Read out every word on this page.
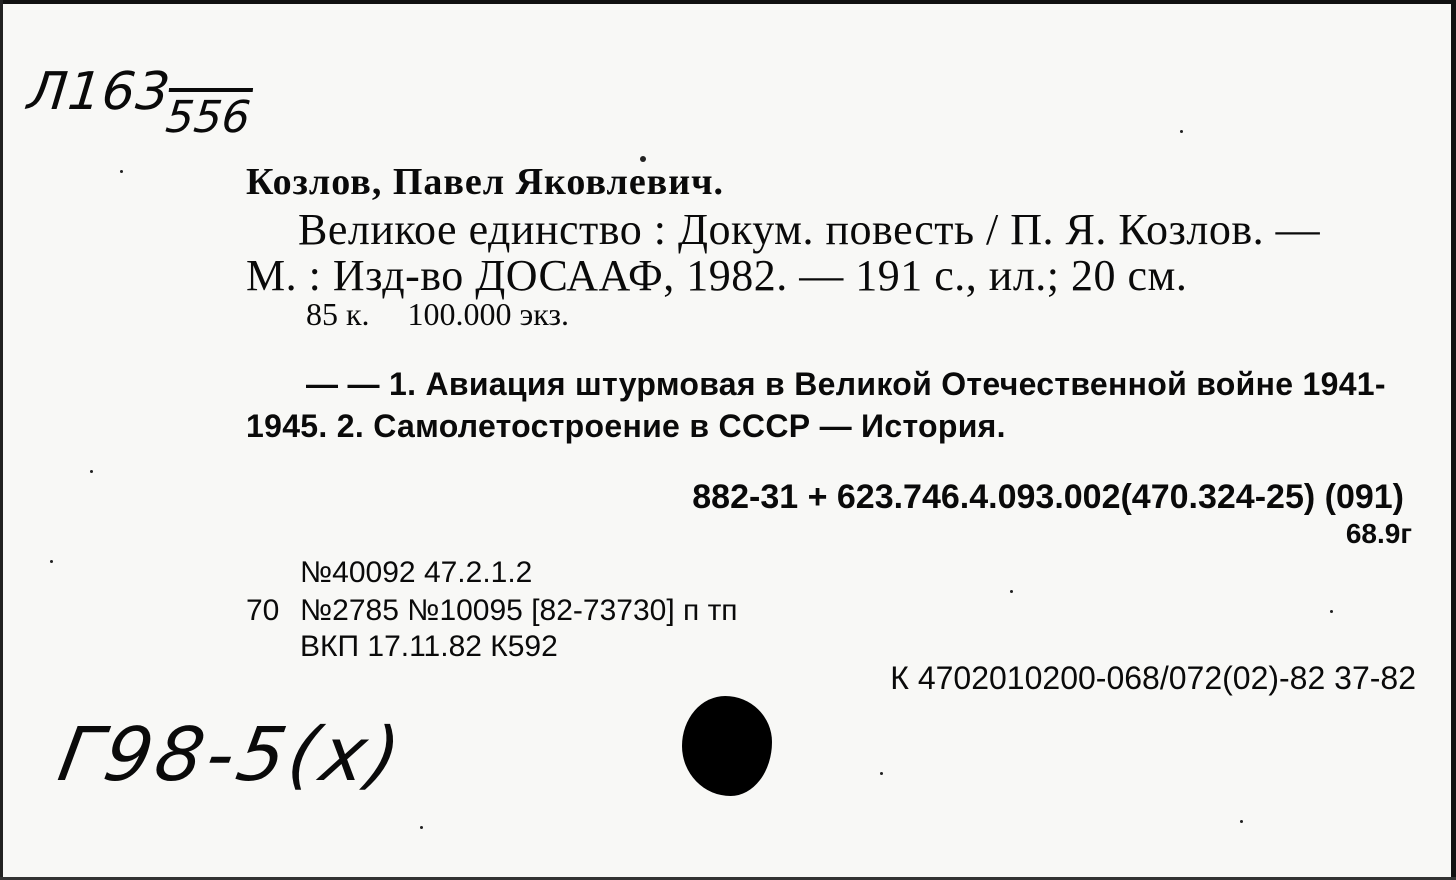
Л163
556
Козлов, Павел Яковлевич.
Великое единство : Докум. повесть / П. Я. Козлов. —
М. : Изд-во ДОСААФ, 1982. — 191 с., ил.; 20 см.
85 к. 100.000 экз.
— — 1. Авиация штурмовая в Великой Отечественной войне 1941-
1945. 2. Самолетостроение в СССР — История.
882-31 + 623.746.4.093.002(470.324-25) (091)
68.9г
№40092 47.2.1.2
70 №2785 №10095 [82-73730] п тп
ВКП 17.11.82 К592
К 4702010200-068/072(02)-82 37-82
Г98-5(х)
